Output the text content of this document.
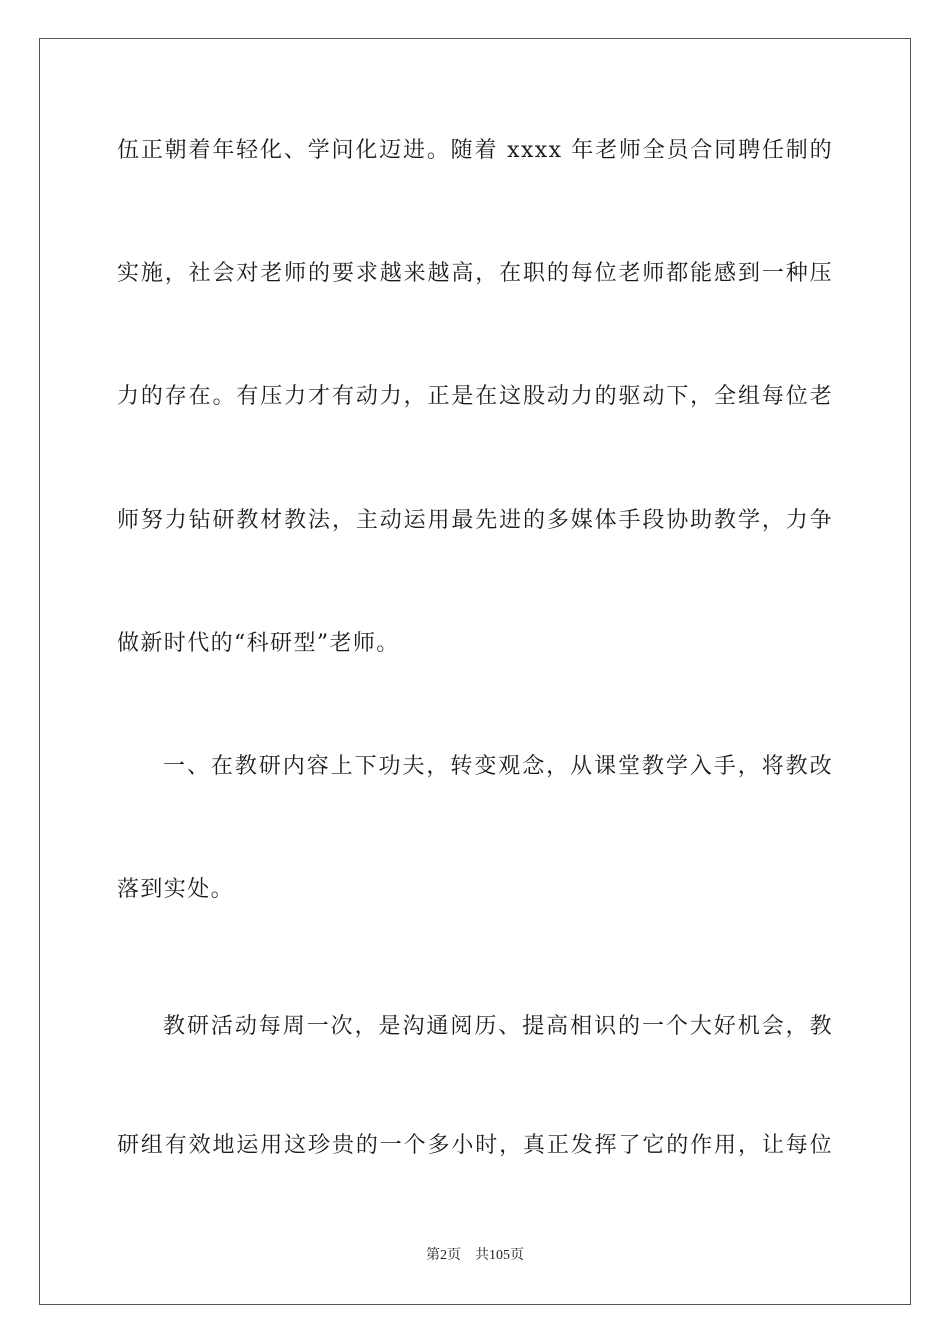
伍正朝着年轻化、学问化迈进。随着 xxxx 年老师全员合同聘任制的
实施，社会对老师的要求越来越高，在职的每位老师都能感到一种压
力的存在。有压力才有动力，正是在这股动力的驱动下，全组每位老
师努力钻研教材教法，主动运用最先进的多媒体手段协助教学，力争
做新时代的“科研型”老师。
一、在教研内容上下功夫，转变观念，从课堂教学入手，将教改
落到实处。
教研活动每周一次，是沟通阅历、提高相识的一个大好机会，教
研组有效地运用这珍贵的一个多小时，真正发挥了它的作用，让每位
第2页 共105页
